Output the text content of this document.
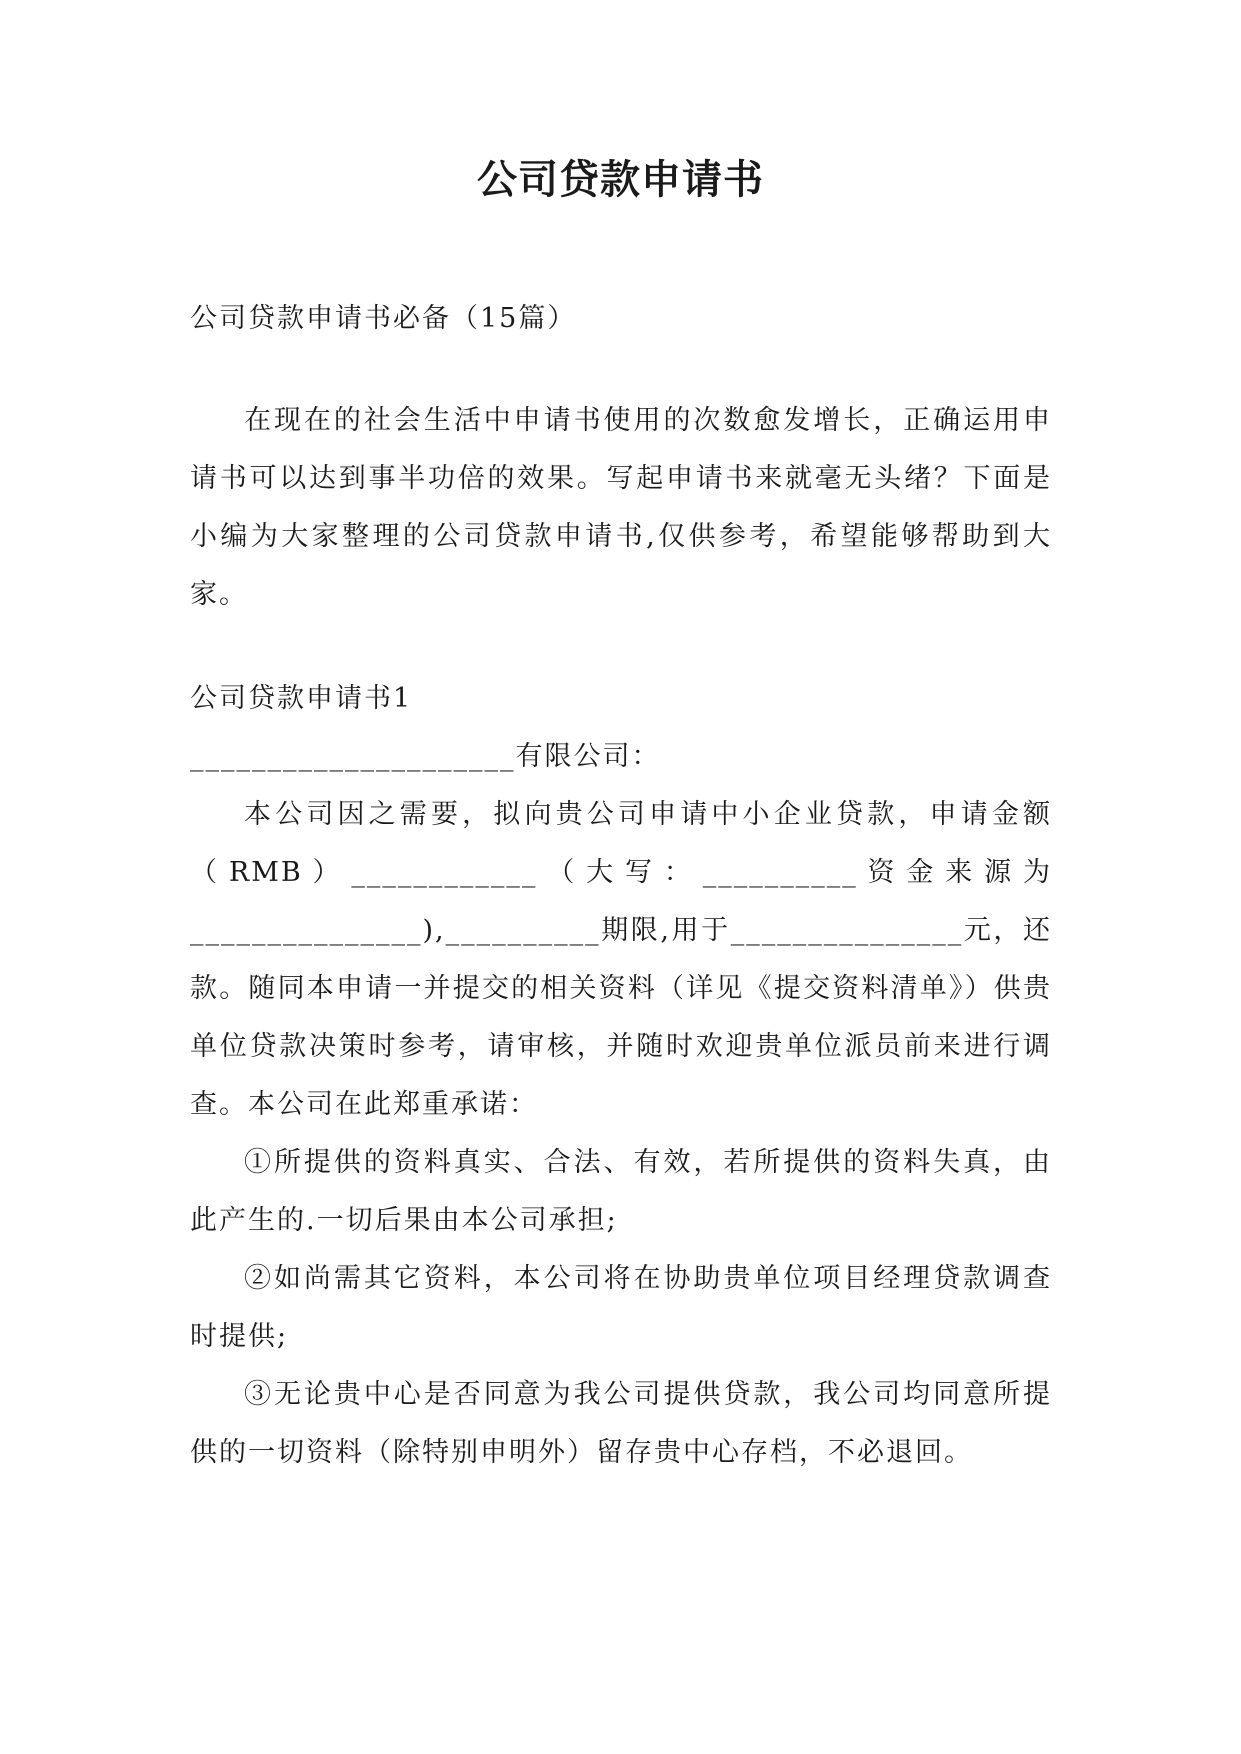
公司贷款申请书

公司贷款申请书必备（15篇）

在现在的社会生活中申请书使用的次数愈发增长，正确运用申请书可以达到事半功倍的效果。写起申请书来就毫无头绪？下面是小编为大家整理的公司贷款申请书,仅供参考，希望能够帮助到大家。

公司贷款申请书1

_____________________有限公司：

本公司因之需要，拟向贵公司申请中小企业贷款，申请金额（RMB）____________（大写：__________资金来源为_______________),__________期限,用于_______________元，还款。随同本申请一并提交的相关资料（详见《提交资料清单》）供贵单位贷款决策时参考，请审核，并随时欢迎贵单位派员前来进行调查。本公司在此郑重承诺：

①所提供的资料真实、合法、有效，若所提供的资料失真，由此产生的.一切后果由本公司承担;

②如尚需其它资料，本公司将在协助贵单位项目经理贷款调查时提供;

③无论贵中心是否同意为我公司提供贷款，我公司均同意所提供的一切资料（除特别申明外）留存贵中心存档，不必退回。
